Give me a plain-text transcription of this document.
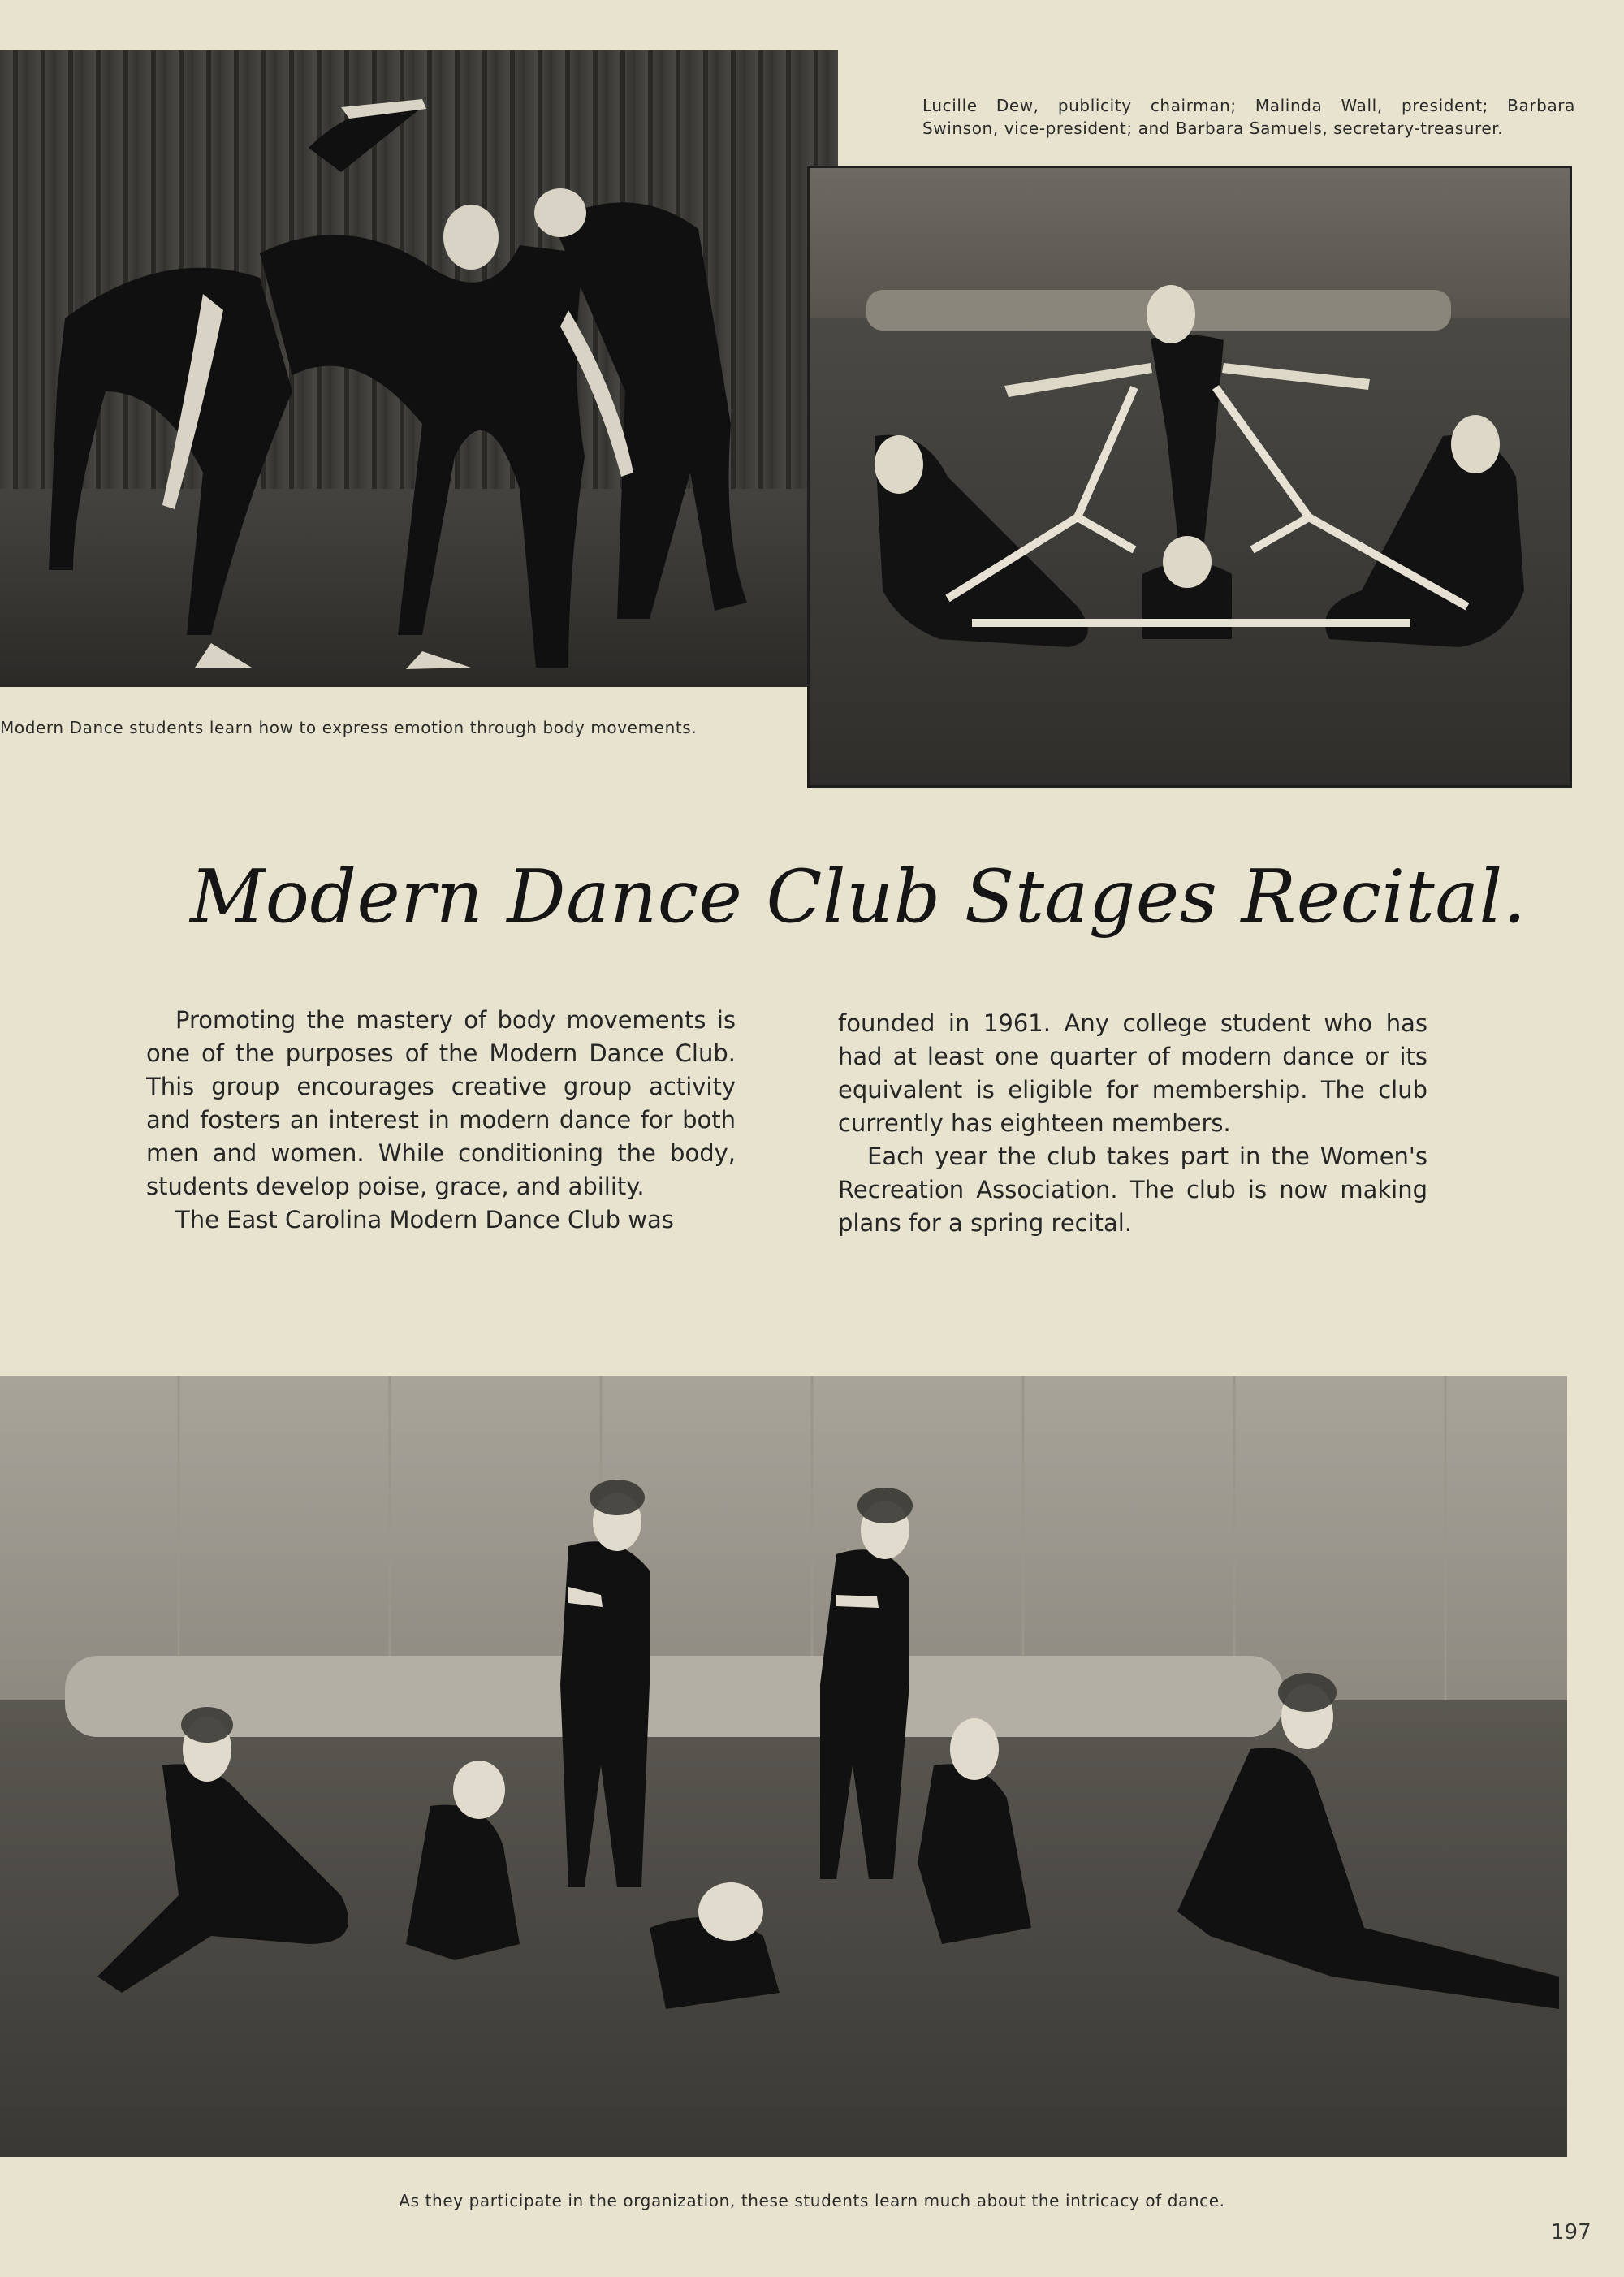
Lucille Dew, publicity chairman; Malinda Wall, president; Barbara
Swinson, vice-president; and Barbara Samuels, secretary-treasurer.
Modern Dance students learn how to express emotion through body movements.
Modern Dance Club Stages Recital.

Promoting the mastery of body movements is one of the purposes of the Modern Dance Club. This group encourages creative group activity and fosters an interest in modern dance for both men and women. While conditioning the body, students develop poise, grace, and ability.

The East Carolina Modern Dance Club was

founded in 1961. Any college student who has had at least one quarter of modern dance or its equivalent is eligible for membership. The club currently has eighteen members.

Each year the club takes part in the Women's Recreation Association. The club is now making plans for a spring recital.

As they participate in the organization, these students learn much about the intricacy of dance.
197
